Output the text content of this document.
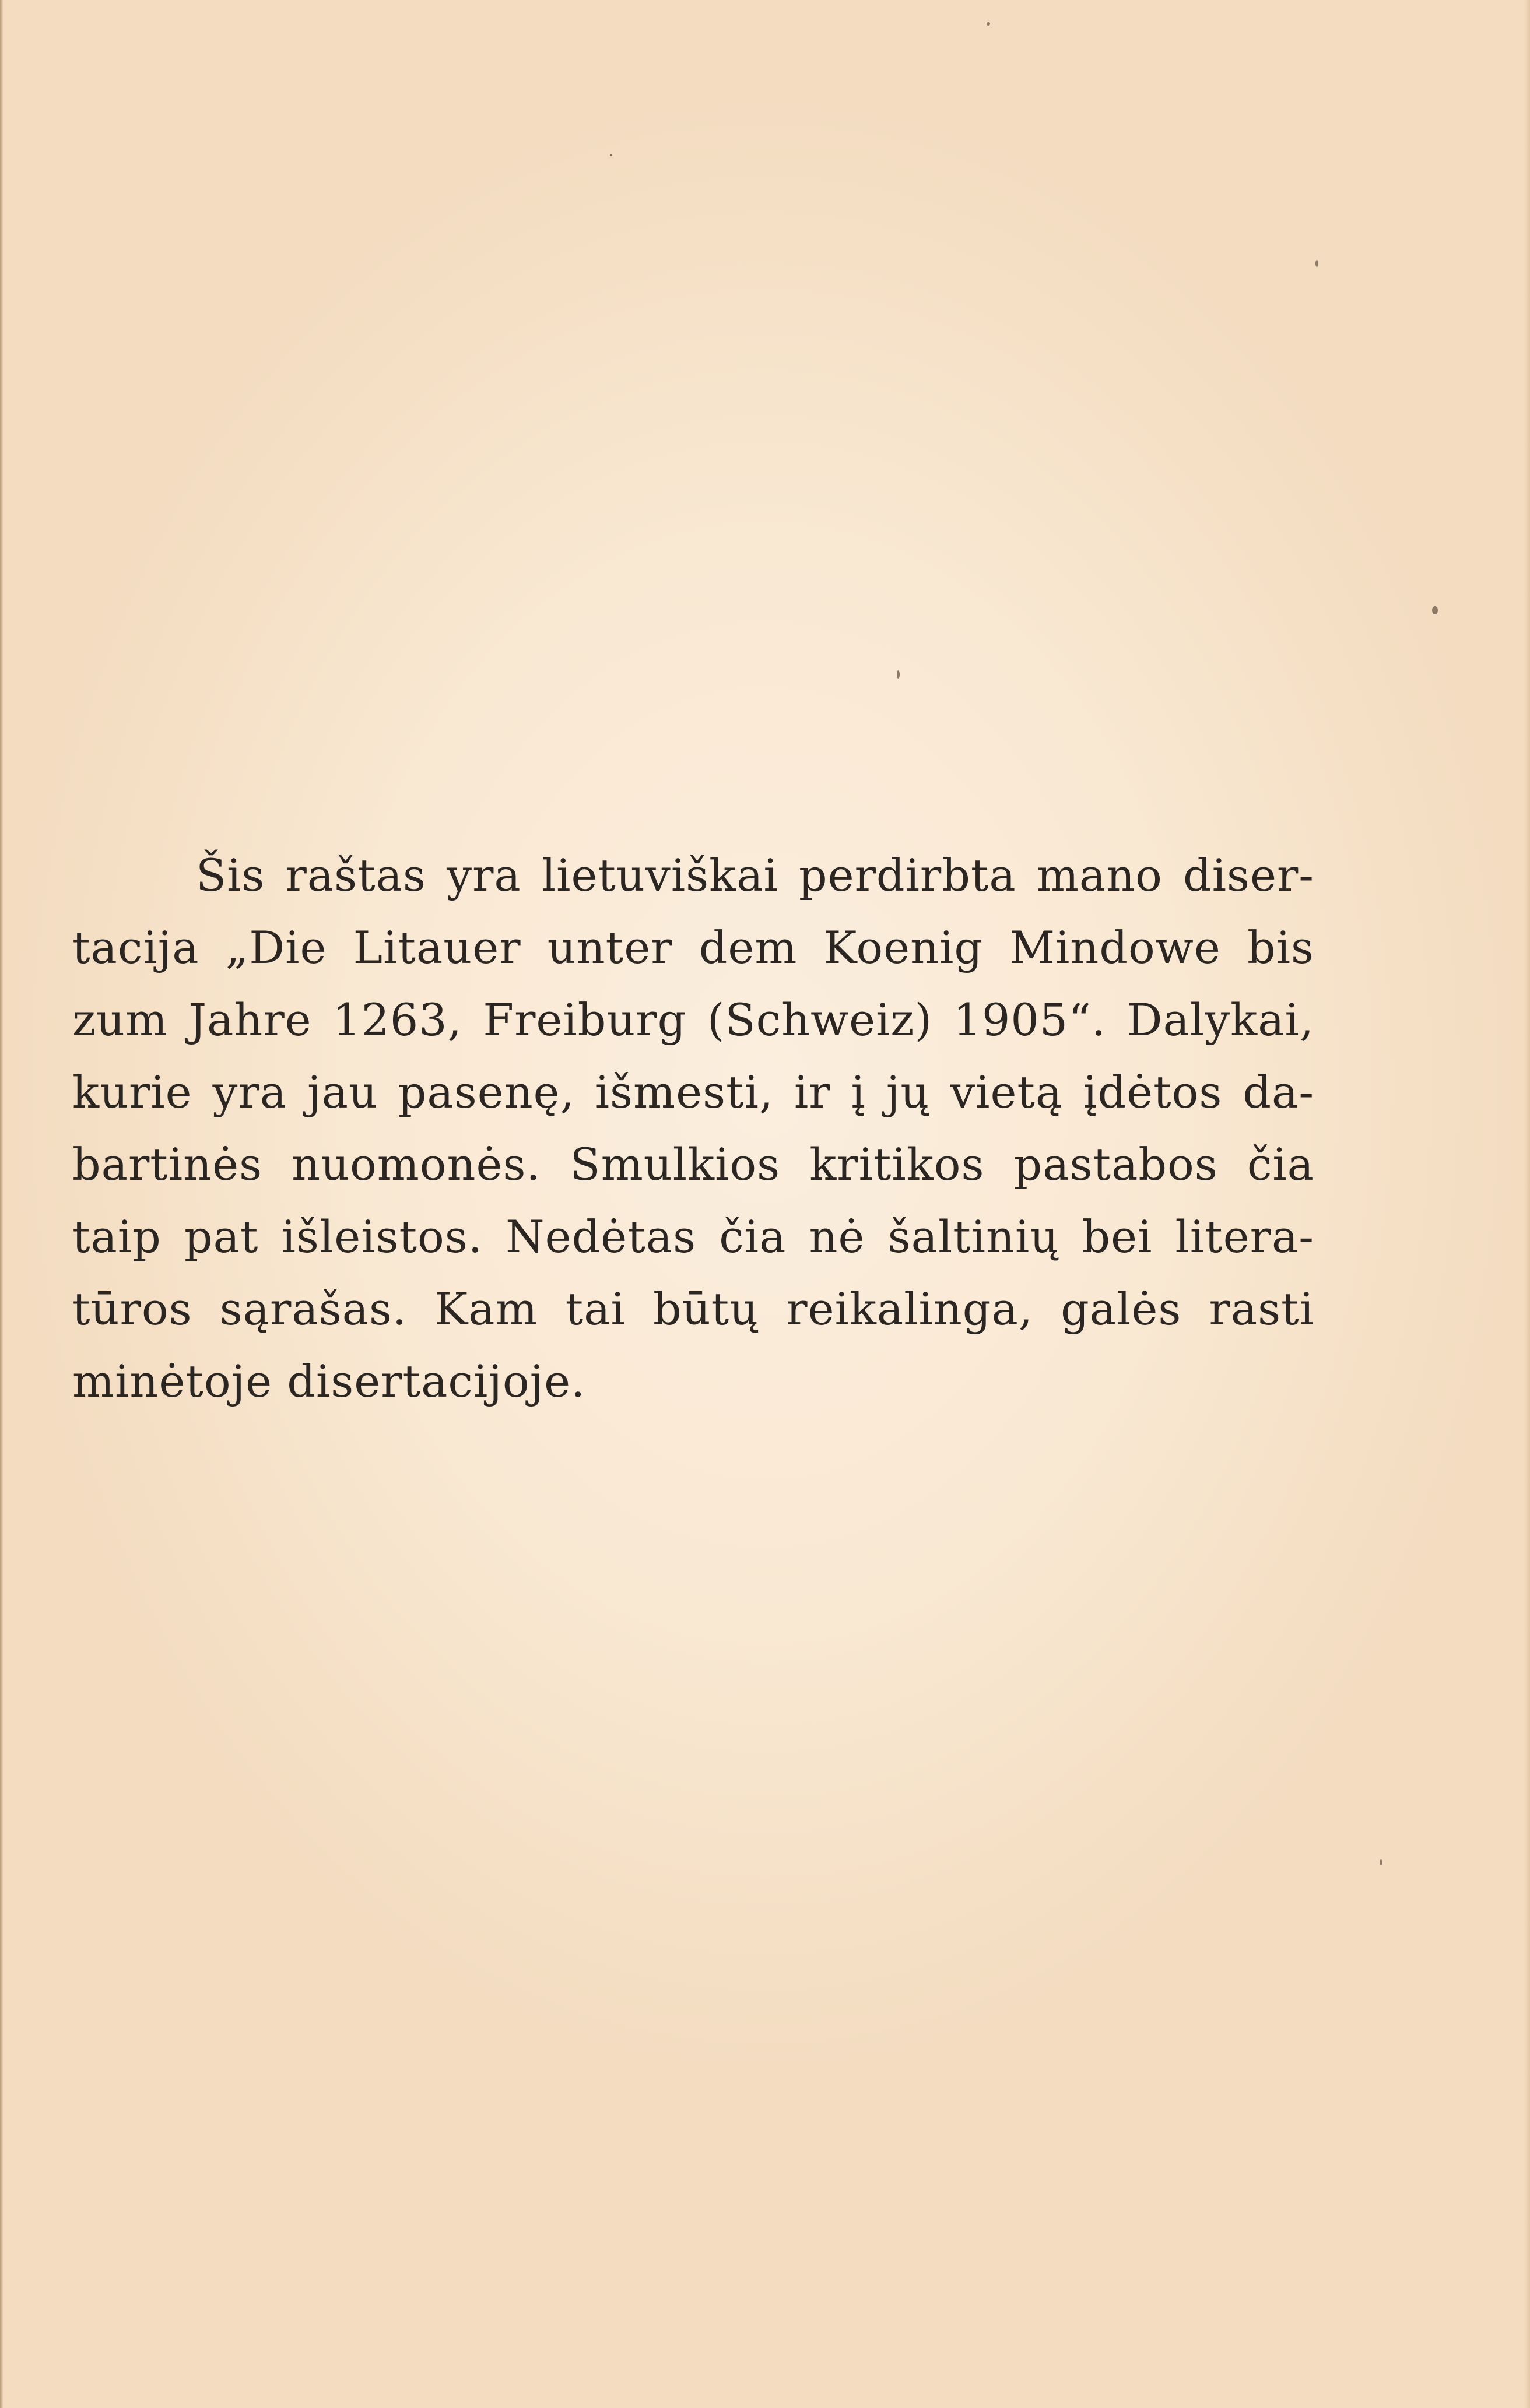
Šis raštas yra lietuviškai perdirbta mano diser-
tacija „Die Litauer unter dem Koenig Mindowe bis
zum Jahre 1263, Freiburg (Schweiz) 1905“. Dalykai,
kurie yra jau pasenę, išmesti, ir į jų vietą įdėtos da-
bartinės nuomonės. Smulkios kritikos pastabos čia
taip pat išleistos. Nedėtas čia nė šaltinių bei litera-
tūros sąrašas. Kam tai būtų reikalinga, galės rasti
minėtoje disertacijoje.
